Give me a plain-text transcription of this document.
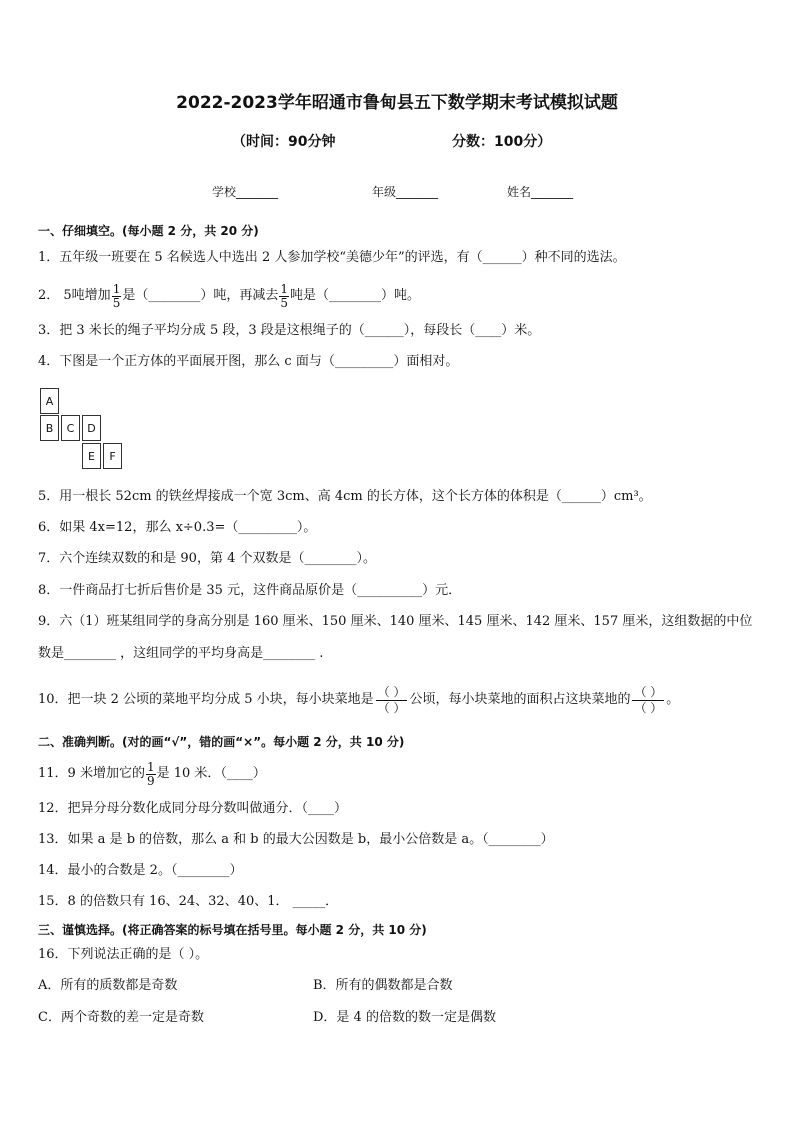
2022-2023学年昭通市鲁甸县五下数学期末考试模拟试题
（时间：90分钟	分数：100分）
学校_______	年级_______	姓名_______
一、仔细填空。(每小题 2 分，共 20 分)
1．五年级一班要在 5 名候选人中选出 2 人参加学校“美德少年”的评选，有（______）种不同的选法。
2． 5吨增加 $\frac{1}{5}$ 是（________）吨，再减去 $\frac{1}{5}$ 吨是（________）吨。
3．把 3 米长的绳子平均分成 5 段，3 段是这根绳子的（______），每段长（____）米。
4．下图是一个正方体的平面展开图，那么 c 面与（_________）面相对。
A
B	C	D
E	F
5．用一根长 52cm 的铁丝焊接成一个宽 3cm、高 4cm 的长方体，这个长方体的体积是（______）cm³。
6．如果 4x=12，那么 x÷0.3=（_________）。
7．六个连续双数的和是 90，第 4 个双数是（________）。
8．一件商品打七折后售价是 35 元，这件商品原价是（__________）元．
9．六（1）班某组同学的身高分别是 160 厘米、150 厘米、140 厘米、145 厘米、142 厘米、157 厘米，这组数据的中位
数是________ ，这组同学的平均身高是________ .
10．把一块 2 公顷的菜地平均分成 5 小块，每小块菜地是 $\frac{( )}{( )}$ 公顷，每小块菜地的面积占这块菜地的 $\frac{( )}{( )}$ 。
二、准确判断。(对的画“√”，错的画“×”。每小题 2 分，共 10 分)
11．9 米增加它的 $\frac{1}{9}$ 是 10 米．（____）
12．把异分母分数化成同分母分数叫做通分．（____）
13．如果 a 是 b 的倍数，那么 a 和 b 的最大公因数是 b，最小公倍数是 a。（________）
14．最小的合数是 2。（________）
15．8 的倍数只有 16、24、32、40、1． _____．
三、谨慎选择。(将正确答案的标号填在括号里。每小题 2 分，共 10 分)
16．下列说法正确的是（ ）。
A．所有的质数都是奇数	B．所有的偶数都是合数
C．两个奇数的差一定是奇数	D．是 4 的倍数的数一定是偶数
